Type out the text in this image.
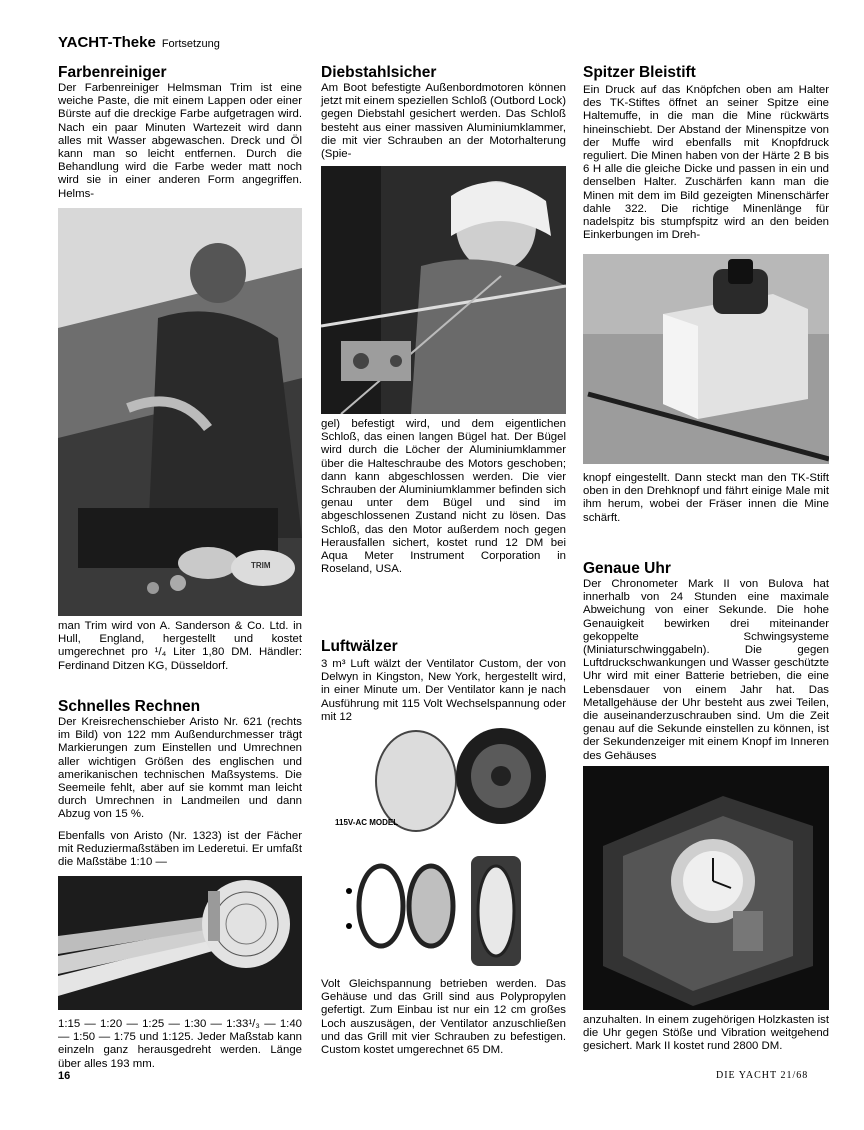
YACHT-Theke Fortsetzung
Farbenreiniger

Der Farbenreiniger Helmsman Trim ist eine weiche Paste, die mit einem Lappen oder einer Bürste auf die dreckige Farbe aufgetragen wird. Nach ein paar Minuten Wartezeit wird dann alles mit Wasser abgewaschen. Dreck und Öl kann man so leicht entfernen. Durch die Behandlung wird die Farbe weder matt noch wird sie in einer anderen Form angegriffen. Helms-

TRIM

man Trim wird von A. Sanderson & Co. Ltd. in Hull, England, hergestellt und kostet umgerechnet pro ¹/₄ Liter 1,80 DM. Händler: Ferdinand Ditzen KG, Düsseldorf.

Schnelles Rechnen

Der Kreisrechenschieber Aristo Nr. 621 (rechts im Bild) von 122 mm Außendurchmesser trägt Markierungen zum Einstellen und Umrechnen aller wichtigen Größen des englischen und amerikanischen technischen Maßsystems. Die Seemeile fehlt, aber auf sie kommt man leicht durch Umrechnen in Landmeilen und dann Abzug von 15 %.

Ebenfalls von Aristo (Nr. 1323) ist der Fächer mit Reduziermaßstäben im Lederetui. Er umfaßt die Maßstäbe 1:10 —

1:15 — 1:20 — 1:25 — 1:30 — 1:33¹/₃ — 1:40 — 1:50 — 1:75 und 1:125. Jeder Maßstab kann einzeln ganz herausgedreht werden. Länge über alles 193 mm.

16
Diebstahlsicher

Am Boot befestigte Außenbordmotoren können jetzt mit einem speziellen Schloß (Outbord Lock) gegen Diebstahl gesichert werden. Das Schloß besteht aus einer massiven Aluminiumklammer, die mit vier Schrauben an der Motorhalterung (Spie-

gel) befestigt wird, und dem eigentlichen Schloß, das einen langen Bügel hat. Der Bügel wird durch die Löcher der Aluminiumklammer über die Halteschraube des Motors geschoben; dann kann abgeschlossen werden. Die vier Schrauben der Aluminiumklammer befinden sich genau unter dem Bügel und sind im abgeschlossenen Zustand nicht zu lösen. Das Schloß, das den Motor außerdem noch gegen Herausfallen sichert, kostet rund 12 DM bei Aqua Meter Instrument Corporation in Roseland, USA.

Luftwälzer

3 m³ Luft wälzt der Ventilator Custom, der von Delwyn in Kingston, New York, hergestellt wird, in einer Minute um. Der Ventilator kann je nach Ausführung mit 115 Volt Wechselspannung oder mit 12

115V-AC MODEL

Volt Gleichspannung betrieben werden. Das Gehäuse und das Grill sind aus Polypropylen gefertigt. Zum Einbau ist nur ein 12 cm großes Loch auszusägen, der Ventilator anzuschließen und das Grill mit vier Schrauben zu befestigen. Custom kostet umgerechnet 65 DM.

Spitzer Bleistift

Ein Druck auf das Knöpfchen oben am Halter des TK-Stiftes öffnet an seiner Spitze eine Haltemuffe, in die man die Mine rückwärts hineinschiebt. Der Abstand der Minenspitze von der Muffe wird ebenfalls mit Knopfdruck reguliert. Die Minen haben von der Härte 2 B bis 6 H alle die gleiche Dicke und passen in ein und denselben Halter. Zuschärfen kann man die Minen mit dem im Bild gezeigten Minenschärfer dahle 322. Die richtige Minenlänge für nadelspitz bis stumpfspitz wird an den beiden Einkerbungen im Dreh-

knopf eingestellt. Dann steckt man den TK-Stift oben in den Drehknopf und fährt einige Male mit ihm herum, wobei der Fräser innen die Mine schärft.

Genaue Uhr

Der Chronometer Mark II von Bulova hat innerhalb von 24 Stunden eine maximale Abweichung von einer Sekunde. Die hohe Genauigkeit bewirken drei miteinander gekoppelte Schwingsysteme (Miniaturschwinggabeln). Die gegen Luftdruckschwankungen und Wasser geschützte Uhr wird mit einer Batterie betrieben, die eine Lebensdauer von einem Jahr hat. Das Metallgehäuse der Uhr besteht aus zwei Teilen, die auseinanderzuschrauben sind. Um die Zeit genau auf die Sekunde einstellen zu können, ist der Sekundenzeiger mit einem Knopf im Inneren des Gehäuses

anzuhalten. In einem zugehörigen Holzkasten ist die Uhr gegen Stöße und Vibration weitgehend gesichert. Mark II kostet rund 2800 DM.

DIE YACHT 21/68
